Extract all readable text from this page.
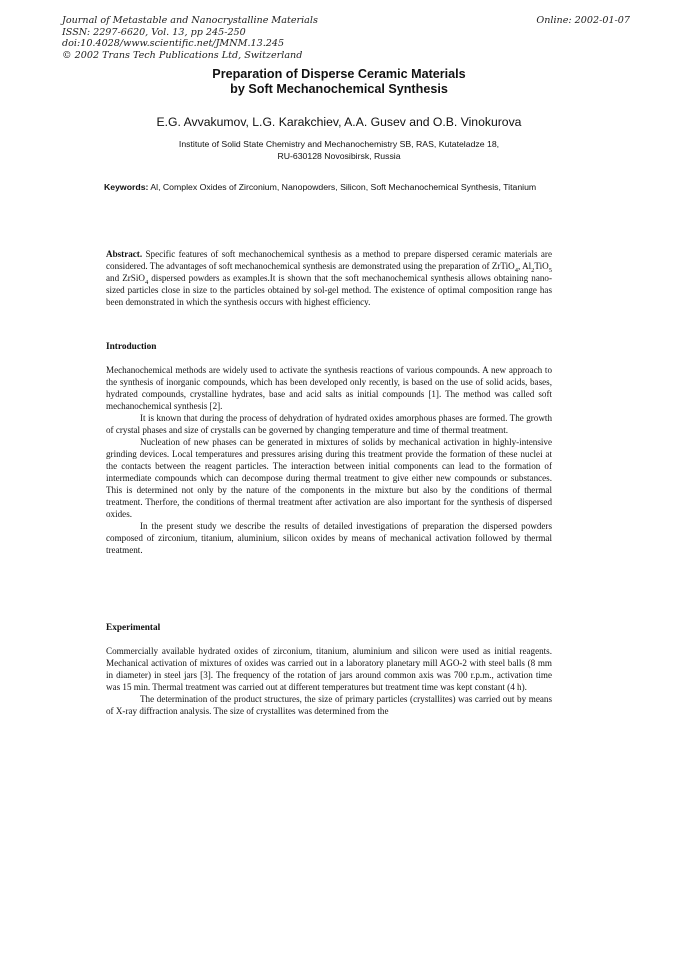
Journal of Metastable and Nanocrystalline Materials
ISSN: 2297-6620, Vol. 13, pp 245-250
doi:10.4028/www.scientific.net/JMNM.13.245
© 2002 Trans Tech Publications Ltd, Switzerland
Online: 2002-01-07
Preparation of Disperse Ceramic Materials
by Soft Mechanochemical Synthesis
E.G. Avvakumov, L.G. Karakchiev, A.A. Gusev and O.B. Vinokurova
Institute of Solid State Chemistry and Mechanochemistry SB, RAS, Kutateladze 18,
RU-630128 Novosibirsk, Russia
Keywords: Al, Complex Oxides of Zirconium, Nanopowders, Silicon, Soft Mechanochemical Synthesis, Titanium

Abstract. Specific features of soft mechanochemical synthesis as a method to prepare dispersed ceramic materials are considered. The advantages of soft mechanochemical synthesis are demonstrated using the preparation of ZrTiO$_4$, $Al_2TiO_5$ and ZrSiO$_4$ dispersed powders as examples.It is shown that the soft mechanochemical synthesis allows obtaining nano-sized particles close in size to the particles obtained by sol-gel method. The existence of optimal composition range has been demonstrated in which the synthesis occurs with highest efficiency.

Introduction

Mechanochemical methods are widely used to activate the synthesis reactions of various compounds. A new approach to the synthesis of inorganic compounds, which has been developed only recently, is based on the use of solid acids, bases, hydrated compounds, crystalline hydrates, base and acid salts as initial compounds [1]. The method was called soft mechanochemical synthesis [2].

It is known that during the process of dehydration of hydrated oxides amorphous phases are formed. The growth of crystal phases and size of crystalls can be governed by changing temperature and time of thermal treatment.

Nucleation of new phases can be generated in mixtures of solids by mechanical activation in highly-intensive grinding devices. Local temperatures and pressures arising during this treatment provide the formation of these nuclei at the contacts between the reagent particles. The interaction between initial components can lead to the formation of intermediate compounds which can decompose during thermal treatment to give either new compounds or substances. This is determined not only by the nature of the components in the mixture but also by the conditions of thermal treatment. Therfore, the conditions of thermal treatment after activation are also important for the synthesis of dispersed oxides.

In the present study we describe the results of detailed investigations of preparation the dispersed powders composed of zirconium, titanium, aluminium, silicon oxides by means of mechanical activation followed by thermal treatment.

Experimental

Commercially available hydrated oxides of zirconium, titanium, aluminium and silicon were used as initial reagents. Mechanical activation of mixtures of oxides was carried out in a laboratory planetary mill AGO-2 with steel balls (8 mm in diameter) in steel jars [3]. The frequency of the rotation of jars around common axis was 700 r.p.m., activation time was 15 min. Thermal treatment was carried out at different temperatures but treatment time was kept constant (4 h).

The determination of the product structures, the size of primary particles (crystallites) was carried out by means of X-ray diffraction analysis. The size of crystallites was determined from the
